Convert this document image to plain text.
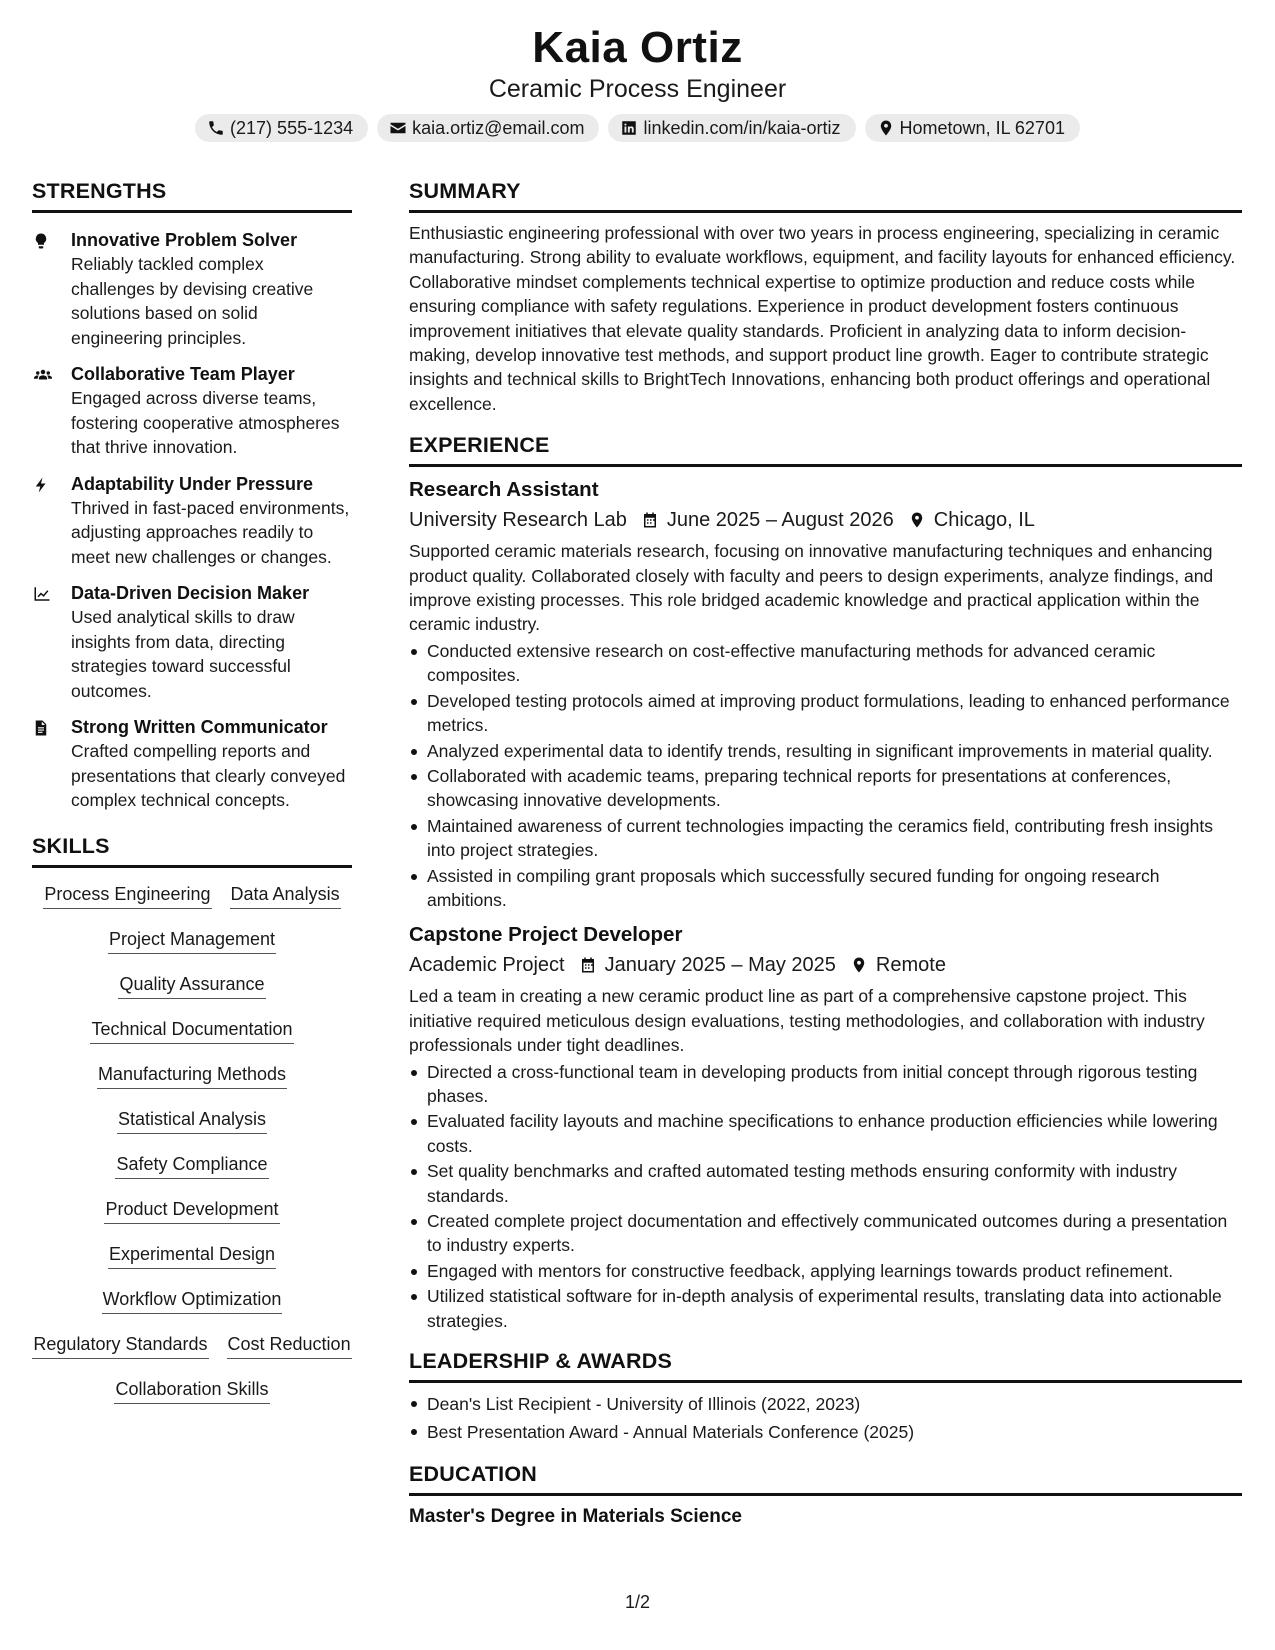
Kaia Ortiz
Ceramic Process Engineer
(217) 555-1234	kaia.ortiz@email.com	linkedin.com/in/kaia-ortiz	Hometown, IL 62701
STRENGTHS
Innovative Problem Solver
Reliably tackled complex challenges by devising creative solutions based on solid engineering principles.
Collaborative Team Player
Engaged across diverse teams, fostering cooperative atmospheres that thrive innovation.
Adaptability Under Pressure
Thrived in fast-paced environments, adjusting approaches readily to meet new challenges or changes.
Data-Driven Decision Maker
Used analytical skills to draw insights from data, directing strategies toward successful outcomes.
Strong Written Communicator
Crafted compelling reports and presentations that clearly conveyed complex technical concepts.
SKILLS
Process Engineering Data Analysis
Project Management
Quality Assurance
Technical Documentation
Manufacturing Methods
Statistical Analysis
Safety Compliance
Product Development
Experimental Design
Workflow Optimization
Regulatory Standards Cost Reduction
Collaboration Skills
SUMMARY
Enthusiastic engineering professional with over two years in process engineering, specializing in ceramic manufacturing. Strong ability to evaluate workflows, equipment, and facility layouts for enhanced efficiency. Collaborative mindset complements technical expertise to optimize production and reduce costs while ensuring compliance with safety regulations. Experience in product development fosters continuous improvement initiatives that elevate quality standards. Proficient in analyzing data to inform decision-making, develop innovative test methods, and support product line growth. Eager to contribute strategic insights and technical skills to BrightTech Innovations, enhancing both product offerings and operational excellence.
EXPERIENCE
Research Assistant
University Research Lab June 2025 – August 2026 Chicago, IL
Supported ceramic materials research, focusing on innovative manufacturing techniques and enhancing product quality. Collaborated closely with faculty and peers to design experiments, analyze findings, and improve existing processes. This role bridged academic knowledge and practical application within the ceramic industry.
Conducted extensive research on cost-effective manufacturing methods for advanced ceramic composites.
Developed testing protocols aimed at improving product formulations, leading to enhanced performance metrics.
Analyzed experimental data to identify trends, resulting in significant improvements in material quality.
Collaborated with academic teams, preparing technical reports for presentations at conferences, showcasing innovative developments.
Maintained awareness of current technologies impacting the ceramics field, contributing fresh insights into project strategies.
Assisted in compiling grant proposals which successfully secured funding for ongoing research ambitions.
Capstone Project Developer
Academic Project January 2025 – May 2025 Remote
Led a team in creating a new ceramic product line as part of a comprehensive capstone project. This initiative required meticulous design evaluations, testing methodologies, and collaboration with industry professionals under tight deadlines.
Directed a cross-functional team in developing products from initial concept through rigorous testing phases.
Evaluated facility layouts and machine specifications to enhance production efficiencies while lowering costs.
Set quality benchmarks and crafted automated testing methods ensuring conformity with industry standards.
Created complete project documentation and effectively communicated outcomes during a presentation to industry experts.
Engaged with mentors for constructive feedback, applying learnings towards product refinement.
Utilized statistical software for in-depth analysis of experimental results, translating data into actionable strategies.
LEADERSHIP & AWARDS
Dean's List Recipient - University of Illinois (2022, 2023)
Best Presentation Award - Annual Materials Conference (2025)
EDUCATION
Master's Degree in Materials Science
1/2
